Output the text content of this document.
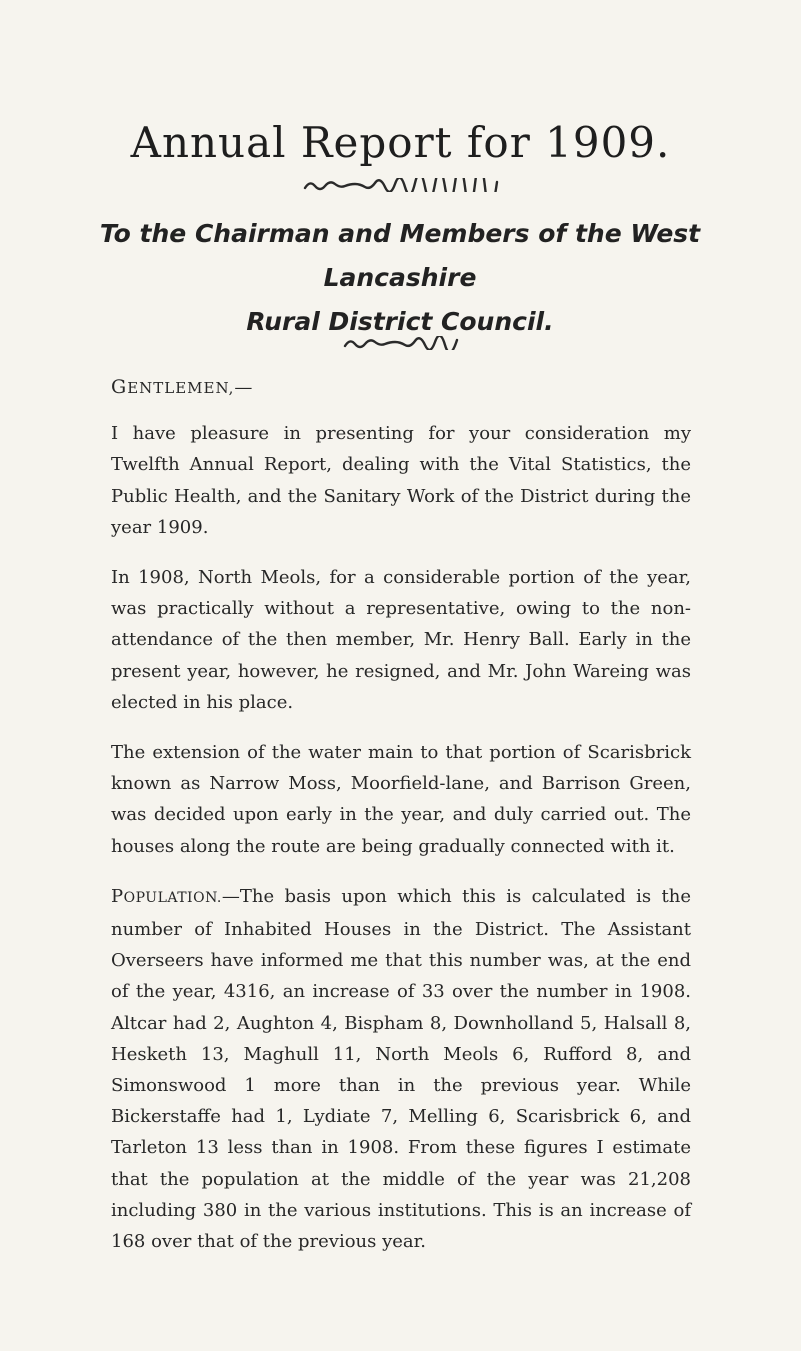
Annual Report for 1909.
To the Chairman and Members of the West Lancashire
Rural District Council.

GENTLEMEN,—

I have pleasure in presenting for your consideration my Twelfth Annual Report, dealing with the Vital Statistics, the Public Health, and the Sanitary Work of the District during the year 1909.

In 1908, North Meols, for a considerable portion of the year, was practically without a representative, owing to the non-attendance of the then member, Mr. Henry Ball. Early in the present year, however, he resigned, and Mr. John Wareing was elected in his place.

The extension of the water main to that portion of Scarisbrick known as Narrow Moss, Moorfield-lane, and Barrison Green, was decided upon early in the year, and duly carried out. The houses along the route are being gradually connected with it.

POPULATION.—The basis upon which this is calculated is the number of Inhabited Houses in the District. The Assistant Overseers have informed me that this number was, at the end of the year, 4316, an increase of 33 over the number in 1908. Altcar had 2, Aughton 4, Bispham 8, Downholland 5, Halsall 8, Hesketh 13, Maghull 11, North Meols 6, Rufford 8, and Simonswood 1 more than in the previous year. While Bickerstaffe had 1, Lydiate 7, Melling 6, Scarisbrick 6, and Tarleton 13 less than in 1908. From these figures I estimate that the population at the middle of the year was 21,208 including 380 in the various institutions. This is an increase of 168 over that of the previous year.
